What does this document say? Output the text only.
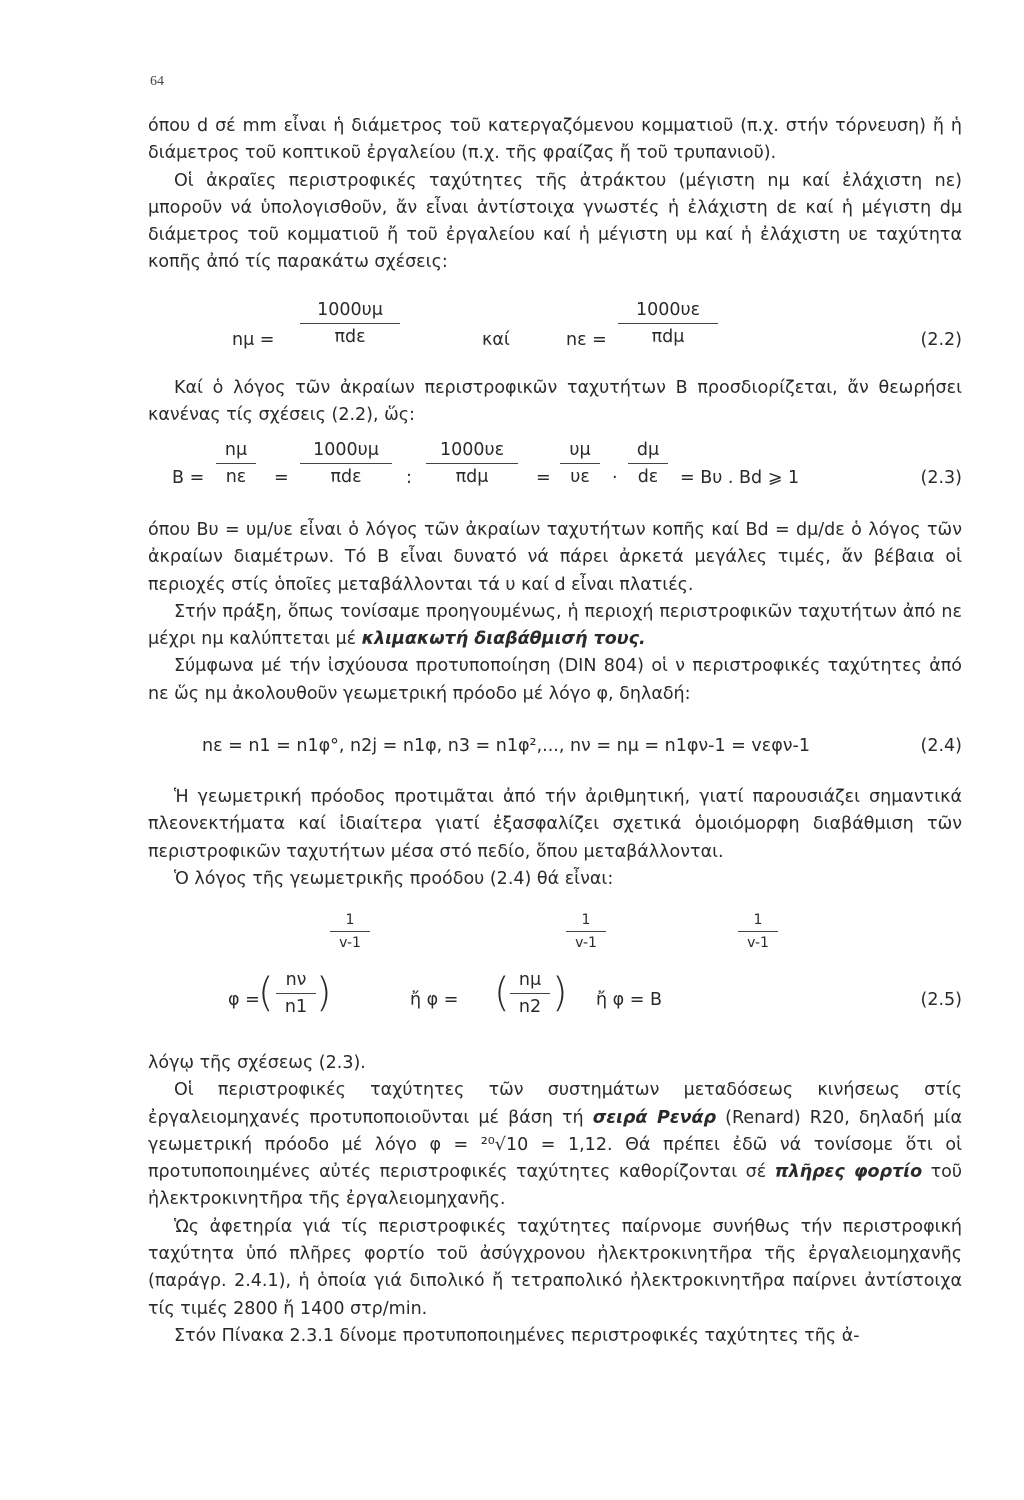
64

όπου d σέ mm εἶναι ἡ διάμετρος τοῦ κατεργαζόμενου κομματιοῦ (π.χ. στήν τόρνευση) ἤ ἡ διάμετρος τοῦ κοπτικοῦ ἐργαλείου (π.χ. τῆς φραίζας ἤ τοῦ τρυπανιοῦ).

Οἱ ἀκραῖες περιστροφικές ταχύτητες τῆς ἀτράκτου (μέγιστη nμ καί ἐλάχιστη nε) μποροῦν νά ὑπολογισθοῦν, ἄν εἶναι ἀντίστοιχα γνωστές ἡ ἐλάχιστη dε καί ἡ μέγιστη dμ διάμετρος τοῦ κομματιοῦ ἤ τοῦ ἐργαλείου καί ἡ μέγιστη υμ καί ἡ ἐλάχιστη υε ταχύτητα κοπῆς ἀπό τίς παρακάτω σχέσεις:

nμ =
1000υμ
πdε	καί	nε =
1000υε
πdμ	(2.2)

Καί ὁ λόγος τῶν ἀκραίων περιστροφικῶν ταχυτήτων B προσδιορίζεται, ἄν θεωρήσει κανένας τίς σχέσεις (2.2), ὥς:

B =
nμ
nε	=
1000υμ
πdε	:
1000υε
πdμ	=
υμ
υε	·
dμ
dε	= Bυ . Bd ⩾ 1	(2.3)

όπου Bυ = υμ/υε εἶναι ὁ λόγος τῶν ἀκραίων ταχυτήτων κοπῆς καί Bd = dμ/dε ὁ λόγος τῶν ἀκραίων διαμέτρων. Τό B εἶναι δυνατό νά πάρει ἀρκετά μεγάλες τιμές, ἄν βέβαια οἱ περιοχές στίς ὁποῖες μεταβάλλονται τά υ καί d εἶναι πλατιές.

Στήν πράξη, ὅπως τονίσαμε προηγουμένως, ἡ περιοχή περιστροφικῶν ταχυτήτων ἀπό nε μέχρι nμ καλύπτεται μέ κλιμακωτή διαβάθμισή τους.

Σύμφωνα μέ τήν ἰσχύουσα προτυποποίηση (DIN 804) οἱ ν περιστροφικές ταχύτητες ἀπό nε ὥς nμ ἀκολουθοῦν γεωμετρική πρόοδο μέ λόγο φ, δηλαδή:

nε = n1 = n1φ°, n2j = n1φ, n3 = n1φ²,..., nν = nμ = n1φν-1 = vεφν-1	(2.4)

Ἡ γεωμετρική πρόοδος προτιμᾶται ἀπό τήν ἀριθμητική, γιατί παρουσιάζει σημαντικά πλεονεκτήματα καί ἰδιαίτερα γιατί ἐξασφαλίζει σχετικά ὁμοιόμορφη διαβάθμιση τῶν περιστροφικῶν ταχυτήτων μέσα στό πεδίο, ὅπου μεταβάλλονται.

Ὁ λόγος τῆς γεωμετρικῆς προόδου (2.4) θά εἶναι:

1
v-1
φ =
( nν
n1 )
1
v-1
ἤ φ = ( nμ
n2 )
1
v-1
ἤ φ = B	(2.5)

λόγῳ τῆς σχέσεως (2.3).

Οἱ περιστροφικές ταχύτητες τῶν συστημάτων μεταδόσεως κινήσεως στίς ἐργαλειομηχανές προτυποποιοῦνται μέ βάση τή σειρά Ρενάρ (Renard) R20, δηλαδή μία γεωμετρική πρόοδο μέ λόγο φ = ²⁰√10 = 1,12. Θά πρέπει ἐδῶ νά τονίσομε ὅτι οἱ προτυποποιημένες αὐτές περιστροφικές ταχύτητες καθορίζονται σέ πλῆρες φορτίο τοῦ ἠλεκτροκινητῆρα τῆς ἐργαλειομηχανῆς.

Ὡς ἀφετηρία γιά τίς περιστροφικές ταχύτητες παίρνομε συνήθως τήν περιστροφική ταχύτητα ὑπό πλῆρες φορτίο τοῦ ἀσύγχρονου ἠλεκτροκινητῆρα τῆς ἐργαλειομηχανῆς (παράγρ. 2.4.1), ἡ ὁποία γιά διπολικό ἤ τετραπολικό ἠλεκτροκινητῆρα παίρνει ἀντίστοιχα τίς τιμές 2800 ἤ 1400 στρ/min.

Στόν Πίνακα 2.3.1 δίνομε προτυποποιημένες περιστροφικές ταχύτητες τῆς ἀ-
